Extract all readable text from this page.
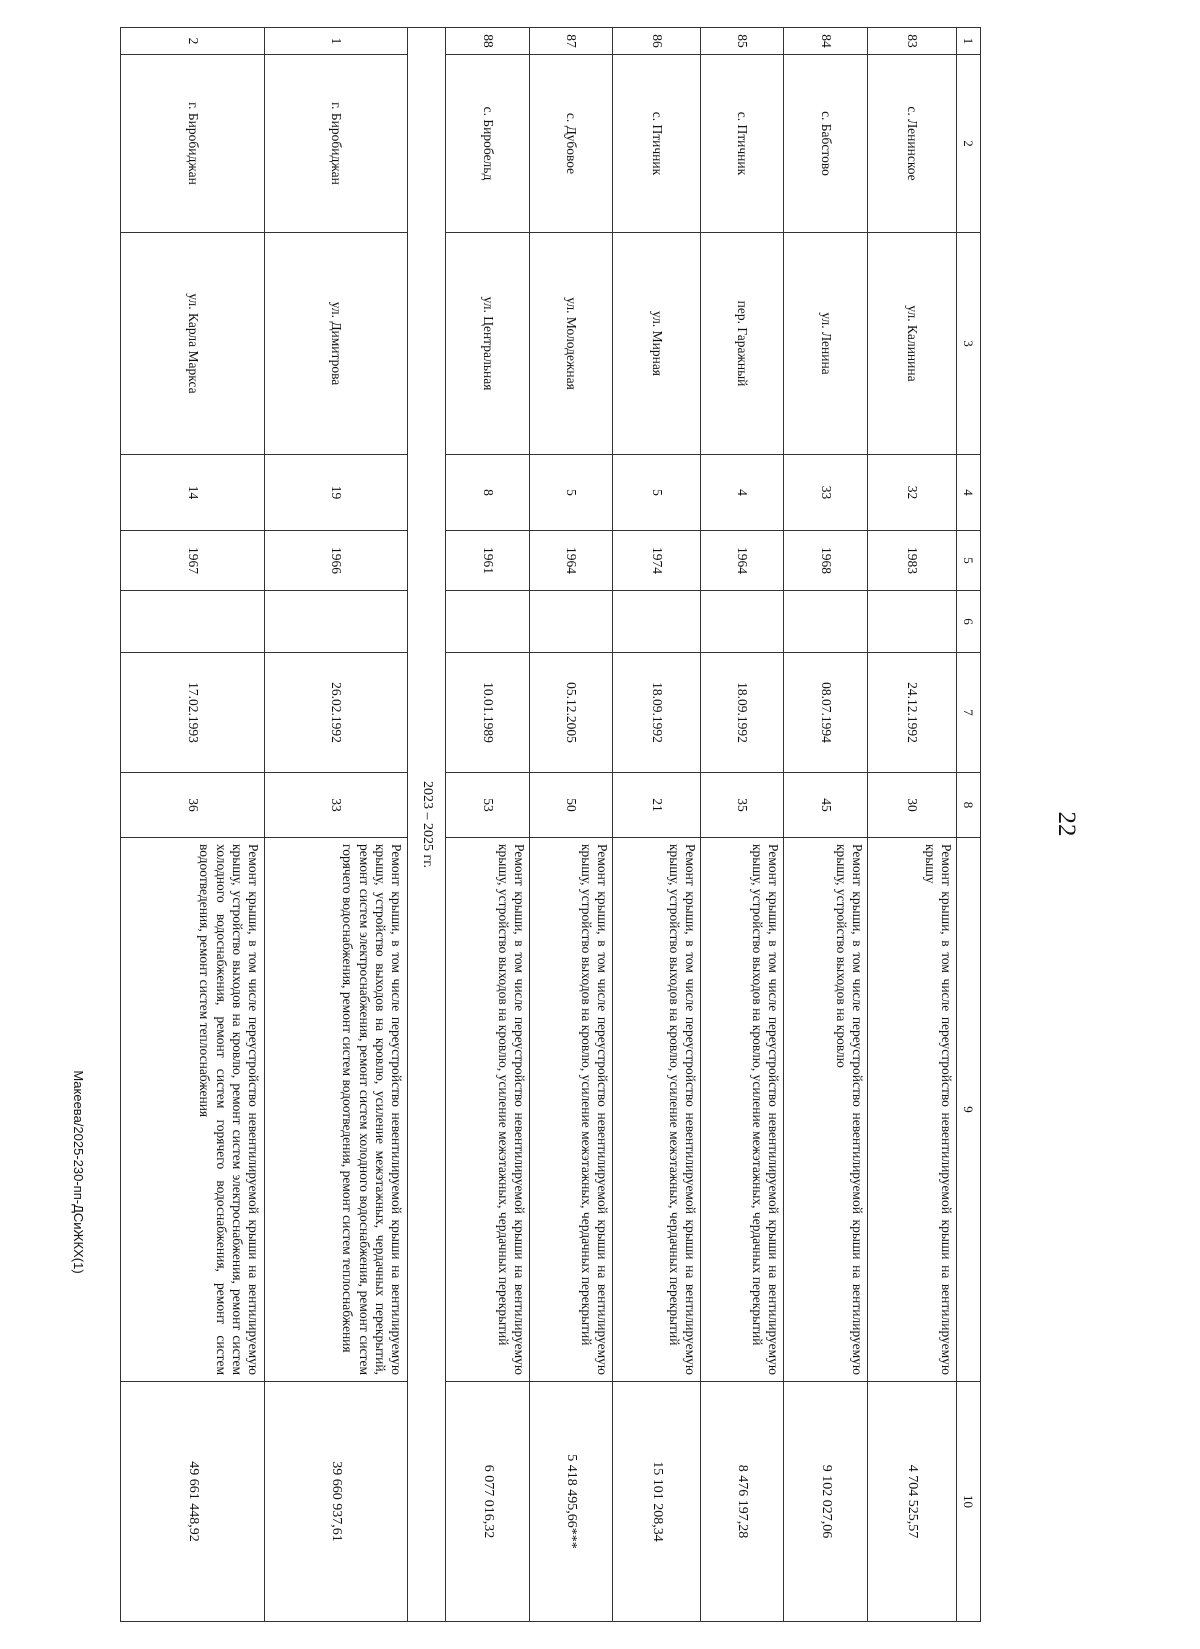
22
Макеева/2025-230-пп-ДСиЖКХ(1)
1	2	3	4	5	6	7	8	9	10
83	с. Ленинское	ул. Калинина	32	1983		24.12.1992	30	Ремонт крыши, в том числе переустройство невентилируемой крыши на вентилируемую крышу	4 704 525,57
84	с. Бабстово	ул. Ленина	33	1968		08.07.1994	45	Ремонт крыши, в том числе переустройство невентилируемой крыши на вентилируемую крышу, устройство выходов на кровлю	9 102 027,06
85	с. Птичник	пер. Гаражный	4	1964		18.09.1992	35	Ремонт крыши, в том числе переустройство невентилируемой крыши на вентилируемую крышу, устройство выходов на кровлю, усиление межэтажных, чердачных перекрытий	8 476 197,28
86	с. Птичник	ул. Мирная	5	1974		18.09.1992	21	Ремонт крыши, в том числе переустройство невентилируемой крыши на вентилируемую крышу, устройство выходов на кровлю, усиление межэтажных, чердачных перекрытий	15 101 208,34
87	с. Дубовое	ул. Молодежная	5	1964		05.12.2005	50	Ремонт крыши, в том числе переустройство невентилируемой крыши на вентилируемую крышу, устройство выходов на кровлю, усиление межэтажных, чердачных перекрытий	5 418 495,66***
88	с. Биробельд	ул. Центральная	8	1961		10.01.1989	53	Ремонт крыши, в том числе переустройство невентилируемой крыши на вентилируемую крышу, устройство выходов на кровлю, усиление межэтажных, чердачных перекрытий	6 077 016,32
2023 – 2025 гг.									
1	г. Биробиджан	ул. Димитрова	19	1966		26.02.1992	33	Ремонт крыши, в том числе переустройство невентилируемой крыши на вентилируемую крышу, устройство выходов на кровлю, усиление межэтажных, чердачных перекрытий, ремонт систем электроснабжения, ремонт систем холодного водоснабжения, ремонт систем горячего водоснабжения, ремонт систем водоотведения, ремонт систем теплоснабжения	39 660 937,61
2	г. Биробиджан	ул. Карла Маркса	14	1967		17.02.1993	36	Ремонт крыши, в том числе переустройство невентилируемой крыши на вентилируемую крышу, устройство выходов на кровлю, ремонт систем электроснабжения, ремонт систем холодного водоснабжения, ремонт систем горячего водоснабжения, ремонт систем водоотведения, ремонт систем теплоснабжения	49 661 448,92
